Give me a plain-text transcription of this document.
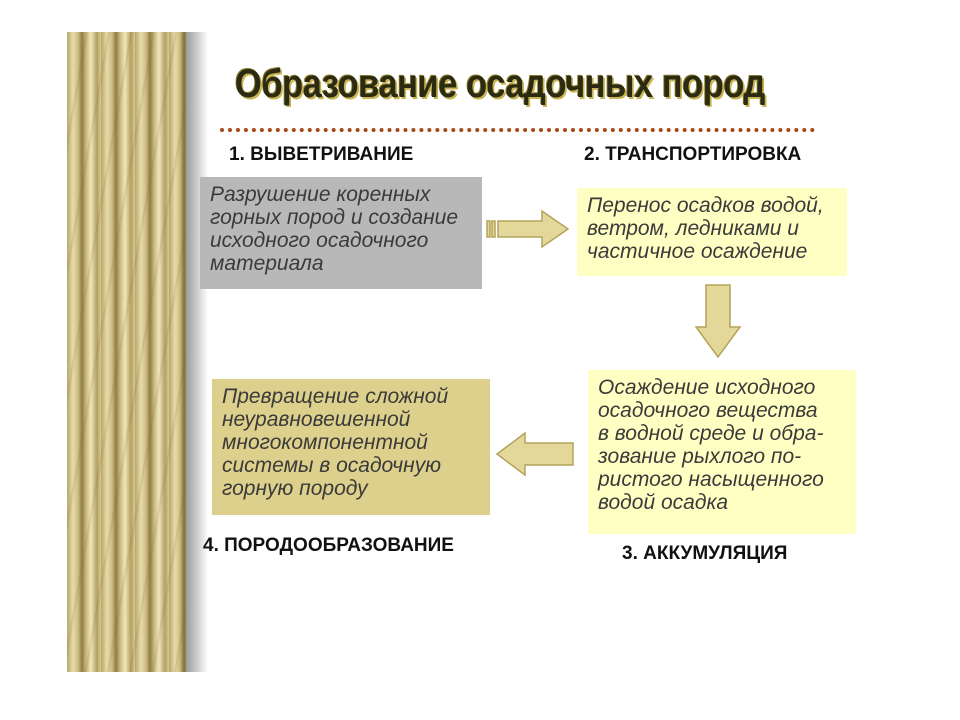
Образование осадочных пород
1. ВЫВЕТРИВАНИЕ
Разрушение коренных
горных пород и создание
исходного осадочного
материала
2. ТРАНСПОРТИРОВКА
Перенос осадков водой,
ветром, ледниками и
частичное осаждение
Осаждение исходного
осадочного вещества
в водной среде и обра-
зование рыхлого по-
ристого насыщенного
водой осадка
3. АККУМУЛЯЦИЯ
Превращение сложной
неуравновешенной
многокомпонентной
системы в осадочную
горную породу
4. ПОРОДООБРАЗОВАНИЕ
